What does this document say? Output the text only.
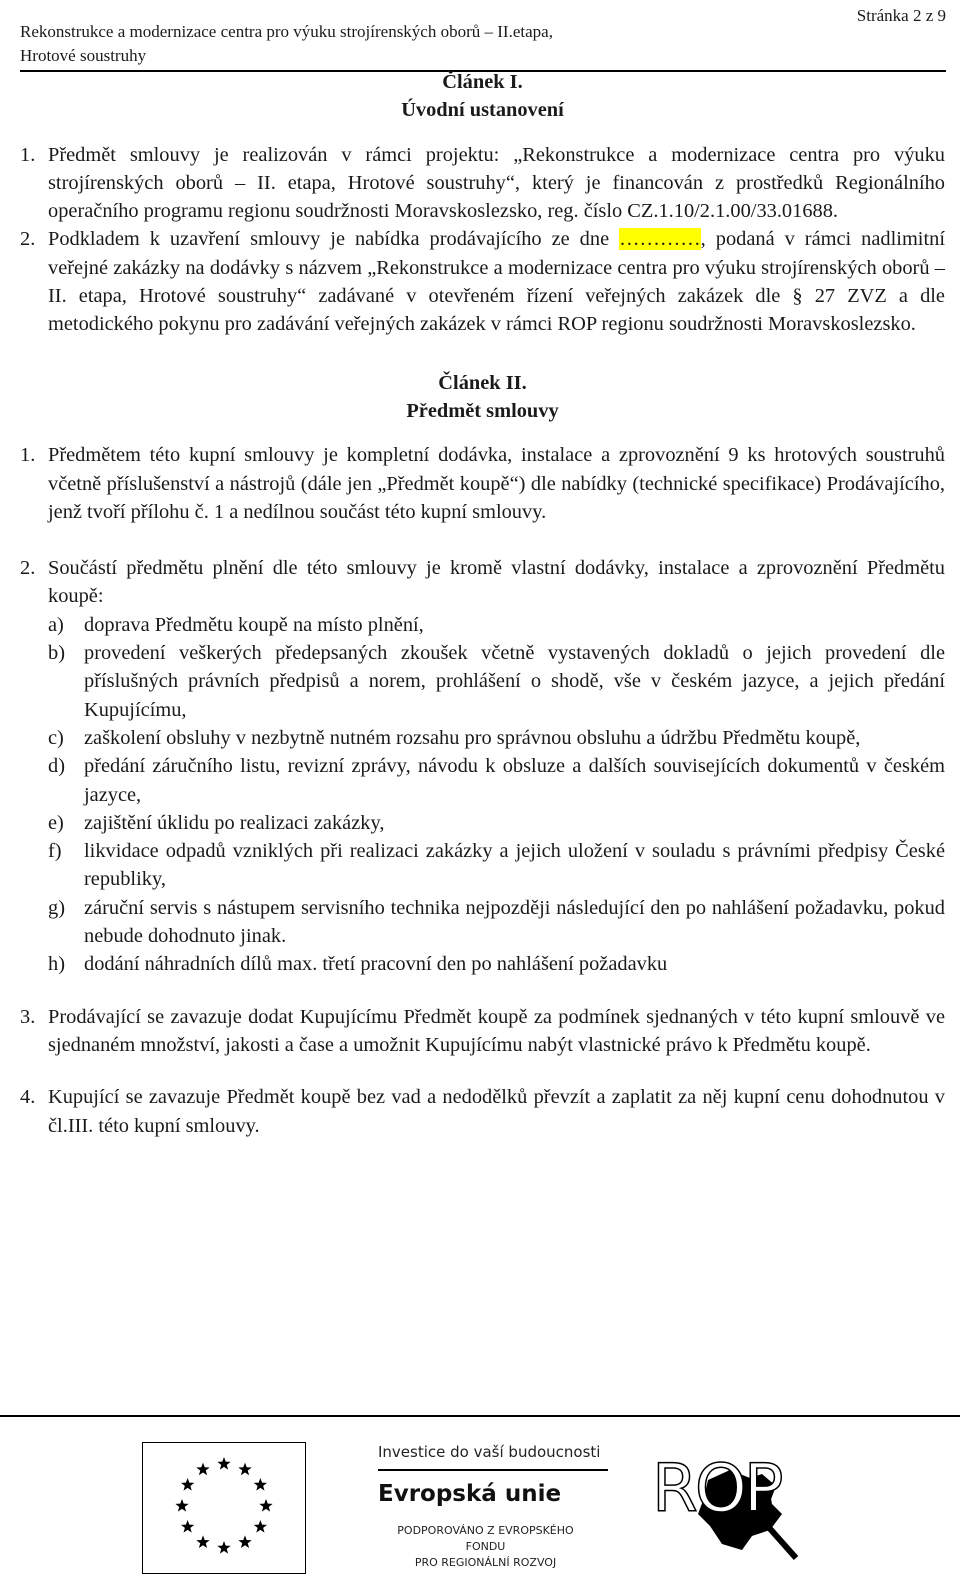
Rekonstrukce a modernizace centra pro výuku strojírenských oborů – II.etapa,
Hrotové soustruhy
Stránka 2 z 9
Článek I.
Úvodní ustanovení
1. Předmět smlouvy je realizován v rámci projektu: „Rekonstrukce a modernizace centra pro výuku strojírenských oborů – II. etapa, Hrotové soustruhy“, který je financován z prostředků Regionálního operačního programu regionu soudržnosti Moravskoslezsko, reg. číslo CZ.1.10/2.1.00/33.01688.
2. Podkladem k uzavření smlouvy je nabídka prodávajícího ze dne …………, podaná v rámci nadlimitní veřejné zakázky na dodávky s názvem „Rekonstrukce a modernizace centra pro výuku strojírenských oborů – II. etapa, Hrotové soustruhy“ zadávané v otevřeném řízení veřejných zakázek dle § 27 ZVZ a dle metodického pokynu pro zadávání veřejných zakázek v rámci ROP regionu soudržnosti Moravskoslezsko.
Článek II.
Předmět smlouvy
1. Předmětem této kupní smlouvy je kompletní dodávka, instalace a zprovoznění 9 ks hrotových soustruhů včetně příslušenství a nástrojů (dále jen „Předmět koupě“) dle nabídky (technické specifikace) Prodávajícího, jenž tvoří přílohu č. 1 a nedílnou součást této kupní smlouvy.
2. Součástí předmětu plnění dle této smlouvy je kromě vlastní dodávky, instalace a zprovoznění Předmětu koupě:
a) doprava Předmětu koupě na místo plnění,
b) provedení veškerých předepsaných zkoušek včetně vystavených dokladů o jejich provedení dle příslušných právních předpisů a norem, prohlášení o shodě, vše v českém jazyce, a jejich předání Kupujícímu,
c) zaškolení obsluhy v nezbytně nutném rozsahu pro správnou obsluhu a údržbu Předmětu koupě,
d) předání záručního listu, revizní zprávy, návodu k obsluze a dalších souvisejících dokumentů v českém jazyce,
e) zajištění úklidu po realizaci zakázky,
f)	likvidace odpadů vzniklých při realizaci zakázky a jejich uložení v souladu s právními předpisy České republiky,
g) záruční servis s nástupem servisního technika nejpozději následující den po nahlášení požadavku, pokud nebude dohodnuto jinak.
h) dodání náhradních dílů max. třetí pracovní den po nahlášení požadavku
3. Prodávající se zavazuje dodat Kupujícímu Předmět koupě za podmínek sjednaných v této kupní smlouvě ve sjednaném množství, jakosti a čase a umožnit Kupujícímu nabýt vlastnické právo k Předmětu koupě.
4. Kupující se zavazuje Předmět koupě bez vad a nedodělků převzít a zaplatit za něj kupní cenu dohodnutou v čl.III. této kupní smlouvy.
Investice do vaší budoucnosti
Evropská unie
PODPOROVÁNO Z EVROPSKÉHO FONDU
PRO REGIONÁLNÍ ROZVOJ
ROP
